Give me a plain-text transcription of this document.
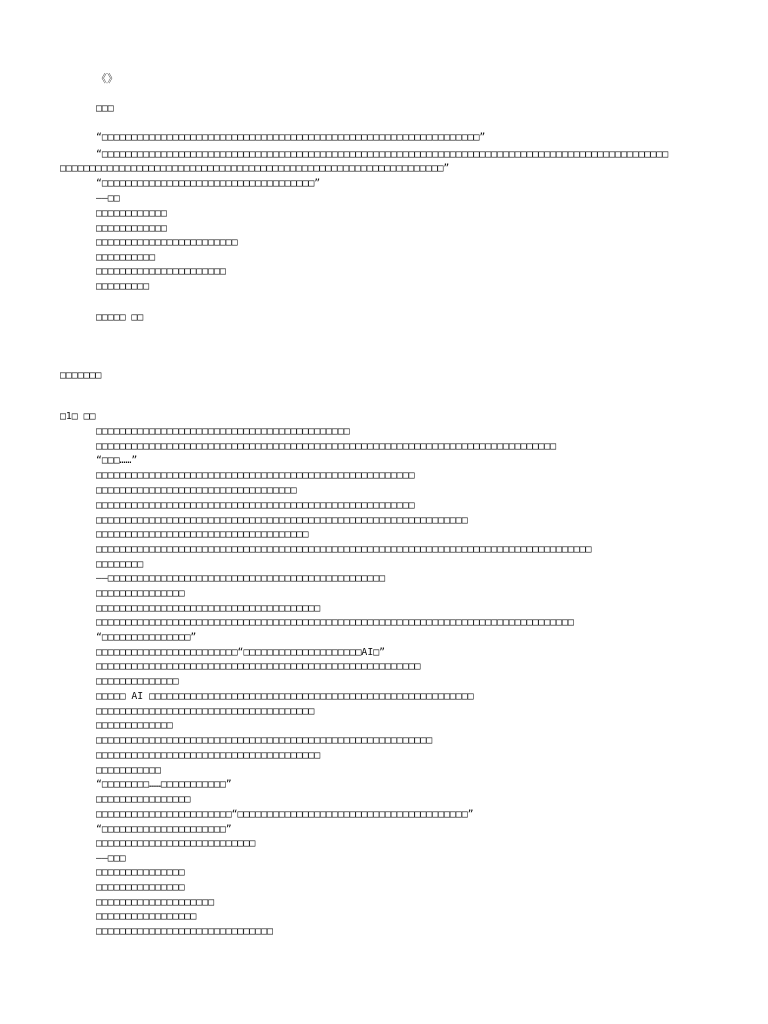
《》
□□□
“□□□□□□□□□□□□□□□□□□□□□□□□□□□□□□□□□□□□□□□□□□□□□□□□□□□□□□□□□□□□□□□□”
“□□□□□□□□□□□□□□□□□□□□□□□□□□□□□□□□□□□□□□□□□□□□□□□□□□□□□□□□□□□□□□□□□□□□□□□□□□□□□□□□□□□□□□□□□□□□□□□□
□□□□□□□□□□□□□□□□□□□□□□□□□□□□□□□□□□□□□□□□□□□□□□□□□□□□□□□□□□□□□□□□□”
“□□□□□□□□□□□□□□□□□□□□□□□□□□□□□□□□□□□□”
——□□
□□□□□□□□□□□□
□□□□□□□□□□□□
□□□□□□□□□□□□□□□□□□□□□□□□
□□□□□□□□□□
□□□□□□□□□□□□□□□□□□□□□□
□□□□□□□□□
□□□□□ □□
□□□□□□□
□1□ □□
□□□□□□□□□□□□□□□□□□□□□□□□□□□□□□□□□□□□□□□□□□□
□□□□□□□□□□□□□□□□□□□□□□□□□□□□□□□□□□□□□□□□□□□□□□□□□□□□□□□□□□□□□□□□□□□□□□□□□□□□□□
“□□□……”
□□□□□□□□□□□□□□□□□□□□□□□□□□□□□□□□□□□□□□□□□□□□□□□□□□□□□□
□□□□□□□□□□□□□□□□□□□□□□□□□□□□□□□□□□
□□□□□□□□□□□□□□□□□□□□□□□□□□□□□□□□□□□□□□□□□□□□□□□□□□□□□□
□□□□□□□□□□□□□□□□□□□□□□□□□□□□□□□□□□□□□□□□□□□□□□□□□□□□□□□□□□□□□□□
□□□□□□□□□□□□□□□□□□□□□□□□□□□□□□□□□□□□
□□□□□□□□□□□□□□□□□□□□□□□□□□□□□□□□□□□□□□□□□□□□□□□□□□□□□□□□□□□□□□□□□□□□□□□□□□□□□□□□□□□□
□□□□□□□□
——□□□□□□□□□□□□□□□□□□□□□□□□□□□□□□□□□□□□□□□□□□□□□□□
□□□□□□□□□□□□□□□
□□□□□□□□□□□□□□□□□□□□□□□□□□□□□□□□□□□□□□
□□□□□□□□□□□□□□□□□□□□□□□□□□□□□□□□□□□□□□□□□□□□□□□□□□□□□□□□□□□□□□□□□□□□□□□□□□□□□□□□□
“□□□□□□□□□□□□□□□”
□□□□□□□□□□□□□□□□□□□□□□□□“□□□□□□□□□□□□□□□□□□□□AI□”
□□□□□□□□□□□□□□□□□□□□□□□□□□□□□□□□□□□□□□□□□□□□□□□□□□□□□□□
□□□□□□□□□□□□□□
□□□□□ AI □□□□□□□□□□□□□□□□□□□□□□□□□□□□□□□□□□□□□□□□□□□□□□□□□□□□□□□
□□□□□□□□□□□□□□□□□□□□□□□□□□□□□□□□□□□□□
□□□□□□□□□□□□□
□□□□□□□□□□□□□□□□□□□□□□□□□□□□□□□□□□□□□□□□□□□□□□□□□□□□□□□□□
□□□□□□□□□□□□□□□□□□□□□□□□□□□□□□□□□□□□□□
□□□□□□□□□□□
“□□□□□□□□……□□□□□□□□□□□”
□□□□□□□□□□□□□□□□
□□□□□□□□□□□□□□□□□□□□□□□“□□□□□□□□□□□□□□□□□□□□□□□□□□□□□□□□□□□□□□□”
“□□□□□□□□□□□□□□□□□□□□□”
□□□□□□□□□□□□□□□□□□□□□□□□□□□
——□□□
□□□□□□□□□□□□□□□
□□□□□□□□□□□□□□□
□□□□□□□□□□□□□□□□□□□□
□□□□□□□□□□□□□□□□□
□□□□□□□□□□□□□□□□□□□□□□□□□□□□□□
